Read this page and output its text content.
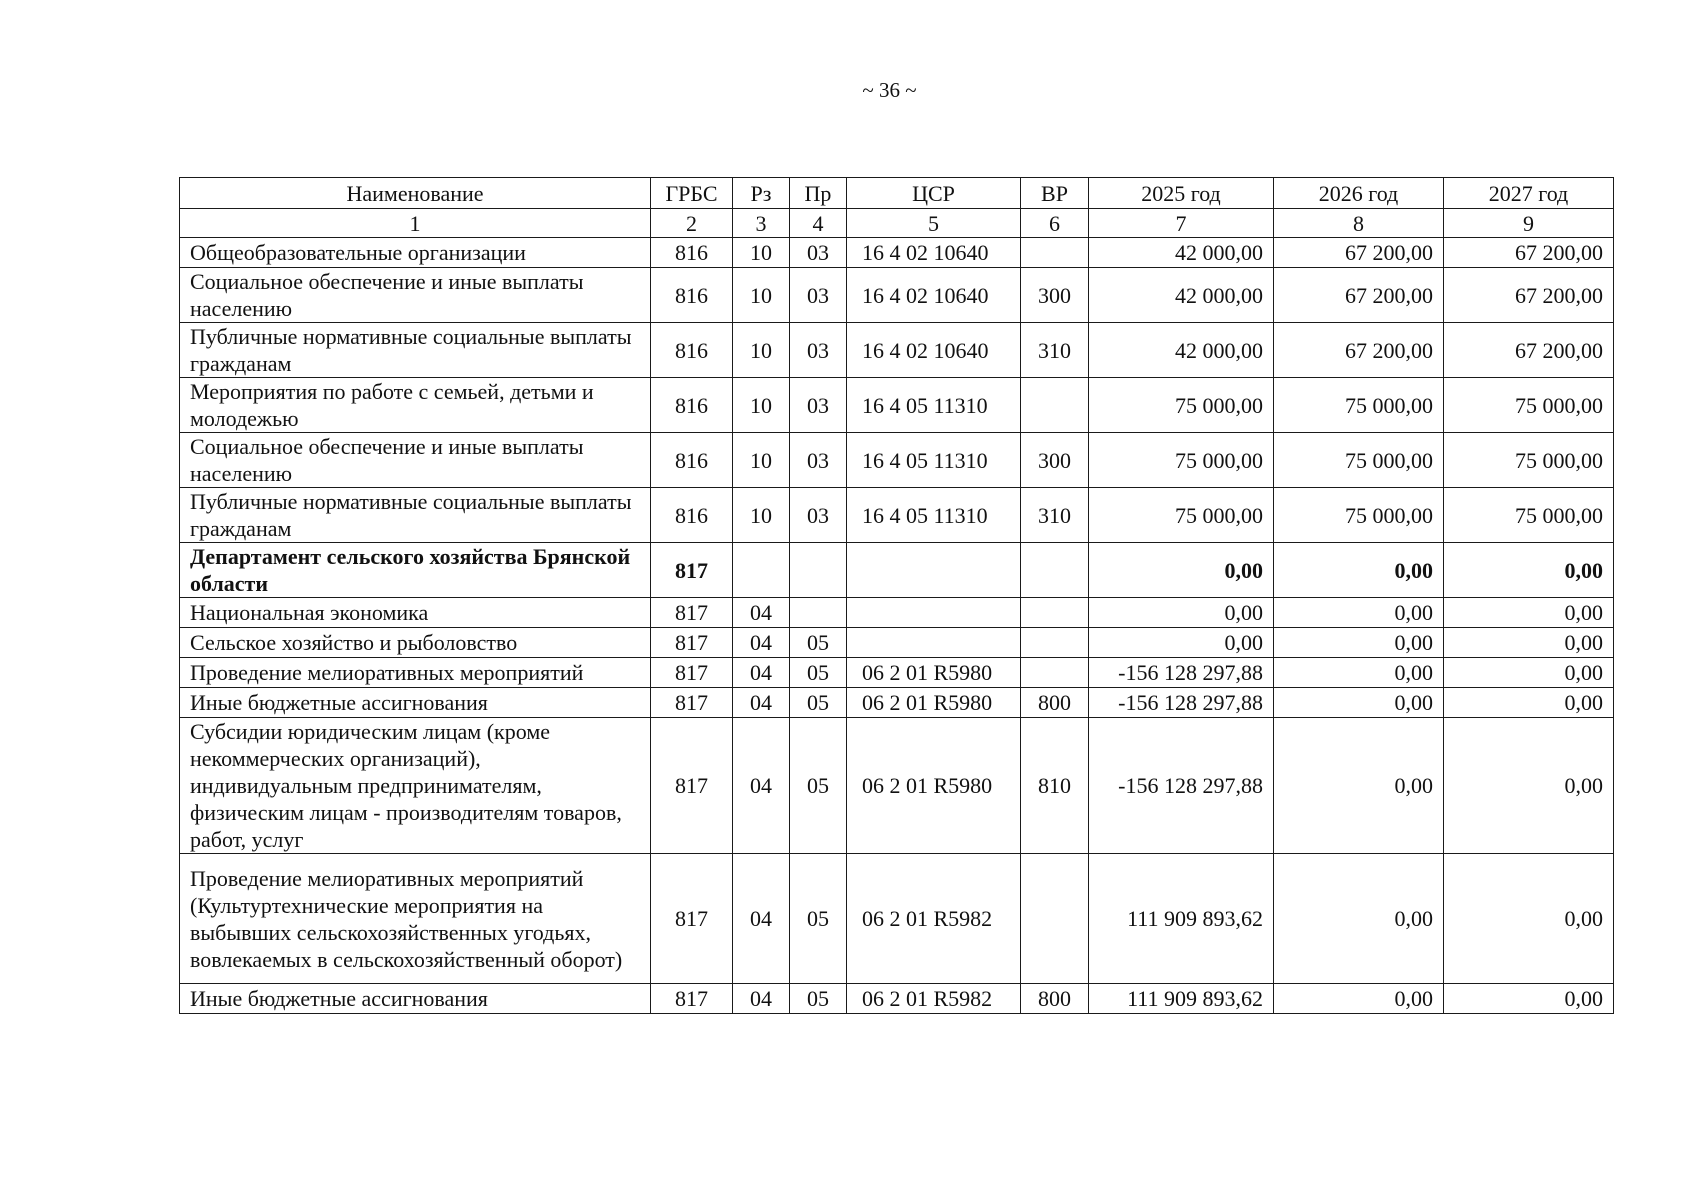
~ 36 ~
Наименование	ГРБС	Рз	Пр	ЦСР	ВР	2025 год	2026 год	2027 год
1	2	3	4	5	6	7	8	9
Общеобразовательные организации	816	10	03	16 4 02 10640		42 000,00	67 200,00	67 200,00
Социальное обеспечение и иные выплаты населению	816	10	03	16 4 02 10640	300	42 000,00	67 200,00	67 200,00
Публичные нормативные социальные выплаты гражданам	816	10	03	16 4 02 10640	310	42 000,00	67 200,00	67 200,00
Мероприятия по работе с семьей, детьми и молодежью	816	10	03	16 4 05 11310		75 000,00	75 000,00	75 000,00
Социальное обеспечение и иные выплаты населению	816	10	03	16 4 05 11310	300	75 000,00	75 000,00	75 000,00
Публичные нормативные социальные выплаты гражданам	816	10	03	16 4 05 11310	310	75 000,00	75 000,00	75 000,00
Департамент сельского хозяйства Брянской области	817					0,00	0,00	0,00
Национальная экономика	817	04				0,00	0,00	0,00
Сельское хозяйство и рыболовство	817	04	05			0,00	0,00	0,00
Проведение мелиоративных мероприятий	817	04	05	06 2 01 R5980		-156 128 297,88	0,00	0,00
Иные бюджетные ассигнования	817	04	05	06 2 01 R5980	800	-156 128 297,88	0,00	0,00
Субсидии юридическим лицам (кроме некоммерческих организаций), индивидуальным предпринимателям, физическим лицам - производителям товаров, работ, услуг	817	04	05	06 2 01 R5980	810	-156 128 297,88	0,00	0,00
Проведение мелиоративных мероприятий (Культуртехнические мероприятия на выбывших сельскохозяйственных угодьях, вовлекаемых в сельскохозяйственный оборот)	817	04	05	06 2 01 R5982		111 909 893,62	0,00	0,00
Иные бюджетные ассигнования	817	04	05	06 2 01 R5982	800	111 909 893,62	0,00	0,00
